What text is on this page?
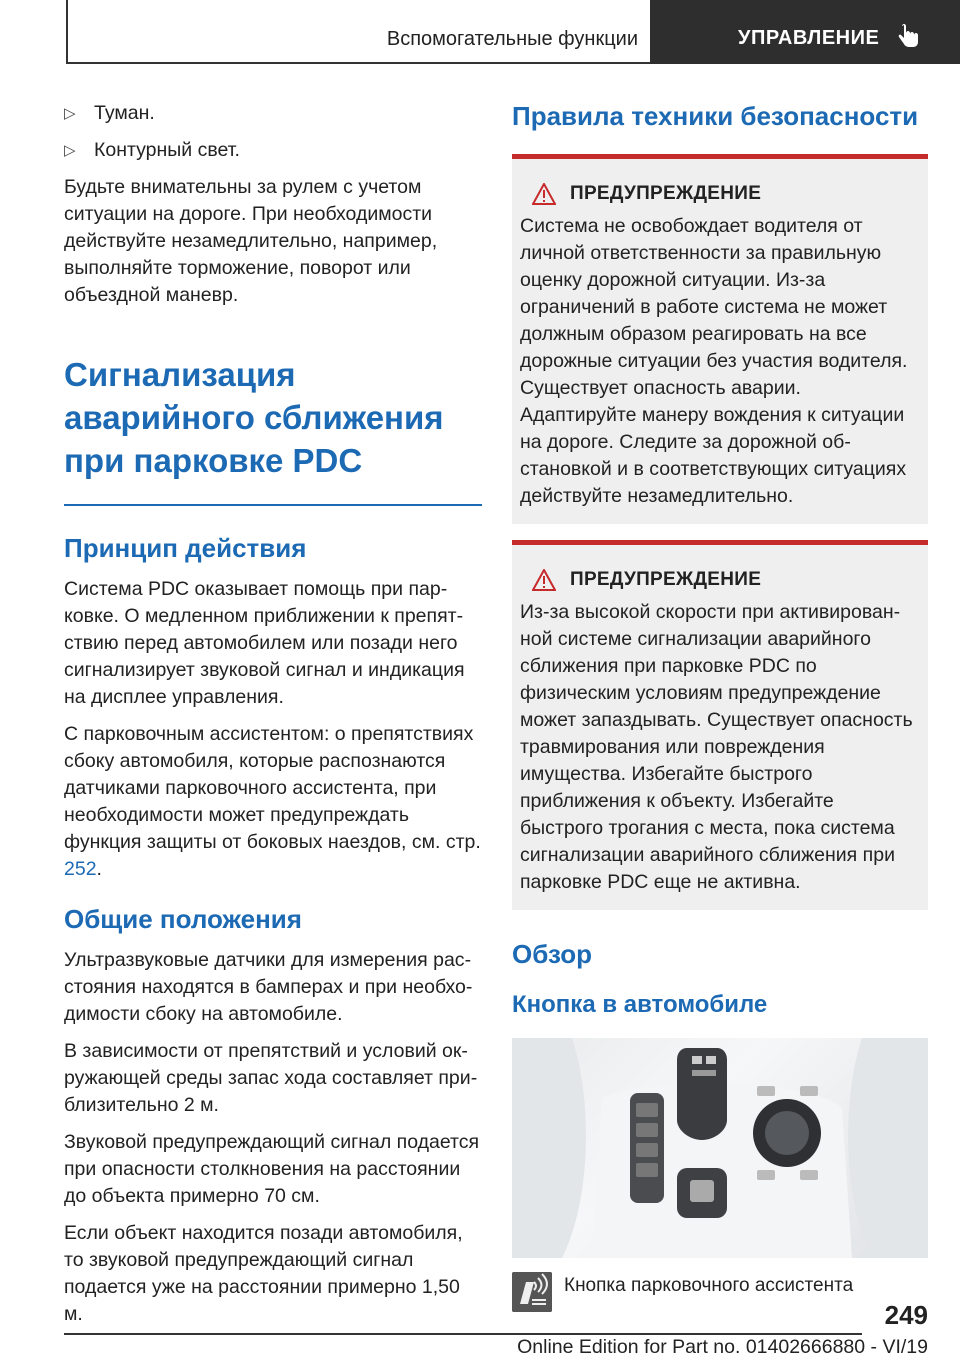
Вспомогательные функции	УПРАВЛЕНИЕ
▷ Туман.
▷ Контурный свет.

Будьте внимательны за рулем с учетом ситуации на дороге. При необходимости действуйте незамедлительно, например, выполняйте торможение, поворот или объездной маневр.

Сигнализация аварийного сближения при парковке PDC
Принцип действия

Система PDC оказывает помощь при парковке. О медленном приближении к препятствию перед автомобилем или позади него сигнализирует звуковой сигнал и индикация на дисплее управления.

С парковочным ассистентом: о препятствиях сбоку автомобиля, которые распознаются датчиками парковочного ассистента, при необходимости может предупреждать функция защиты от боковых наездов, см. стр. 252.

Общие положения

Ультразвуковые датчики для измерения расстояния находятся в бамперах и при необходимости сбоку на автомобиле.

В зависимости от препятствий и условий окружающей среды запас хода составляет приблизительно 2 м.

Звуковой предупреждающий сигнал подается при опасности столкновения на расстоянии до объекта примерно 70 см.

Если объект находится позади автомобиля, то звуковой предупреждающий сигнал подается уже на расстоянии примерно 1,50 м.

Правила техники безопасности
ПРЕДУПРЕЖДЕНИЕ

Система не освобождает водителя от личной ответственности за правильную оценку дорожной ситуации. Из-за ограничений в работе система не может должным образом реагировать на все дорожные ситуации без участия водителя. Существует опасность аварии. Адаптируйте манеру вождения к ситуации на дороге. Следите за дорожной обстановкой и в соответствующих ситуациях действуйте незамедлительно.

ПРЕДУПРЕЖДЕНИЕ

Из-за высокой скорости при активированной системе сигнализации аварийного сближения при парковке PDC по физическим условиям предупреждение может запаздывать. Существует опасность травмирования или повреждения имущества. Избегайте быстрого приближения к объекту. Избегайте быстрого трогания с места, пока система сигнализации аварийного сближения при парковке PDC еще не активна.

Обзор
Кнопка в автомобиле
Кнопка парковочного ассистента
249
Online Edition for Part no. 01402666880 - VI/19
